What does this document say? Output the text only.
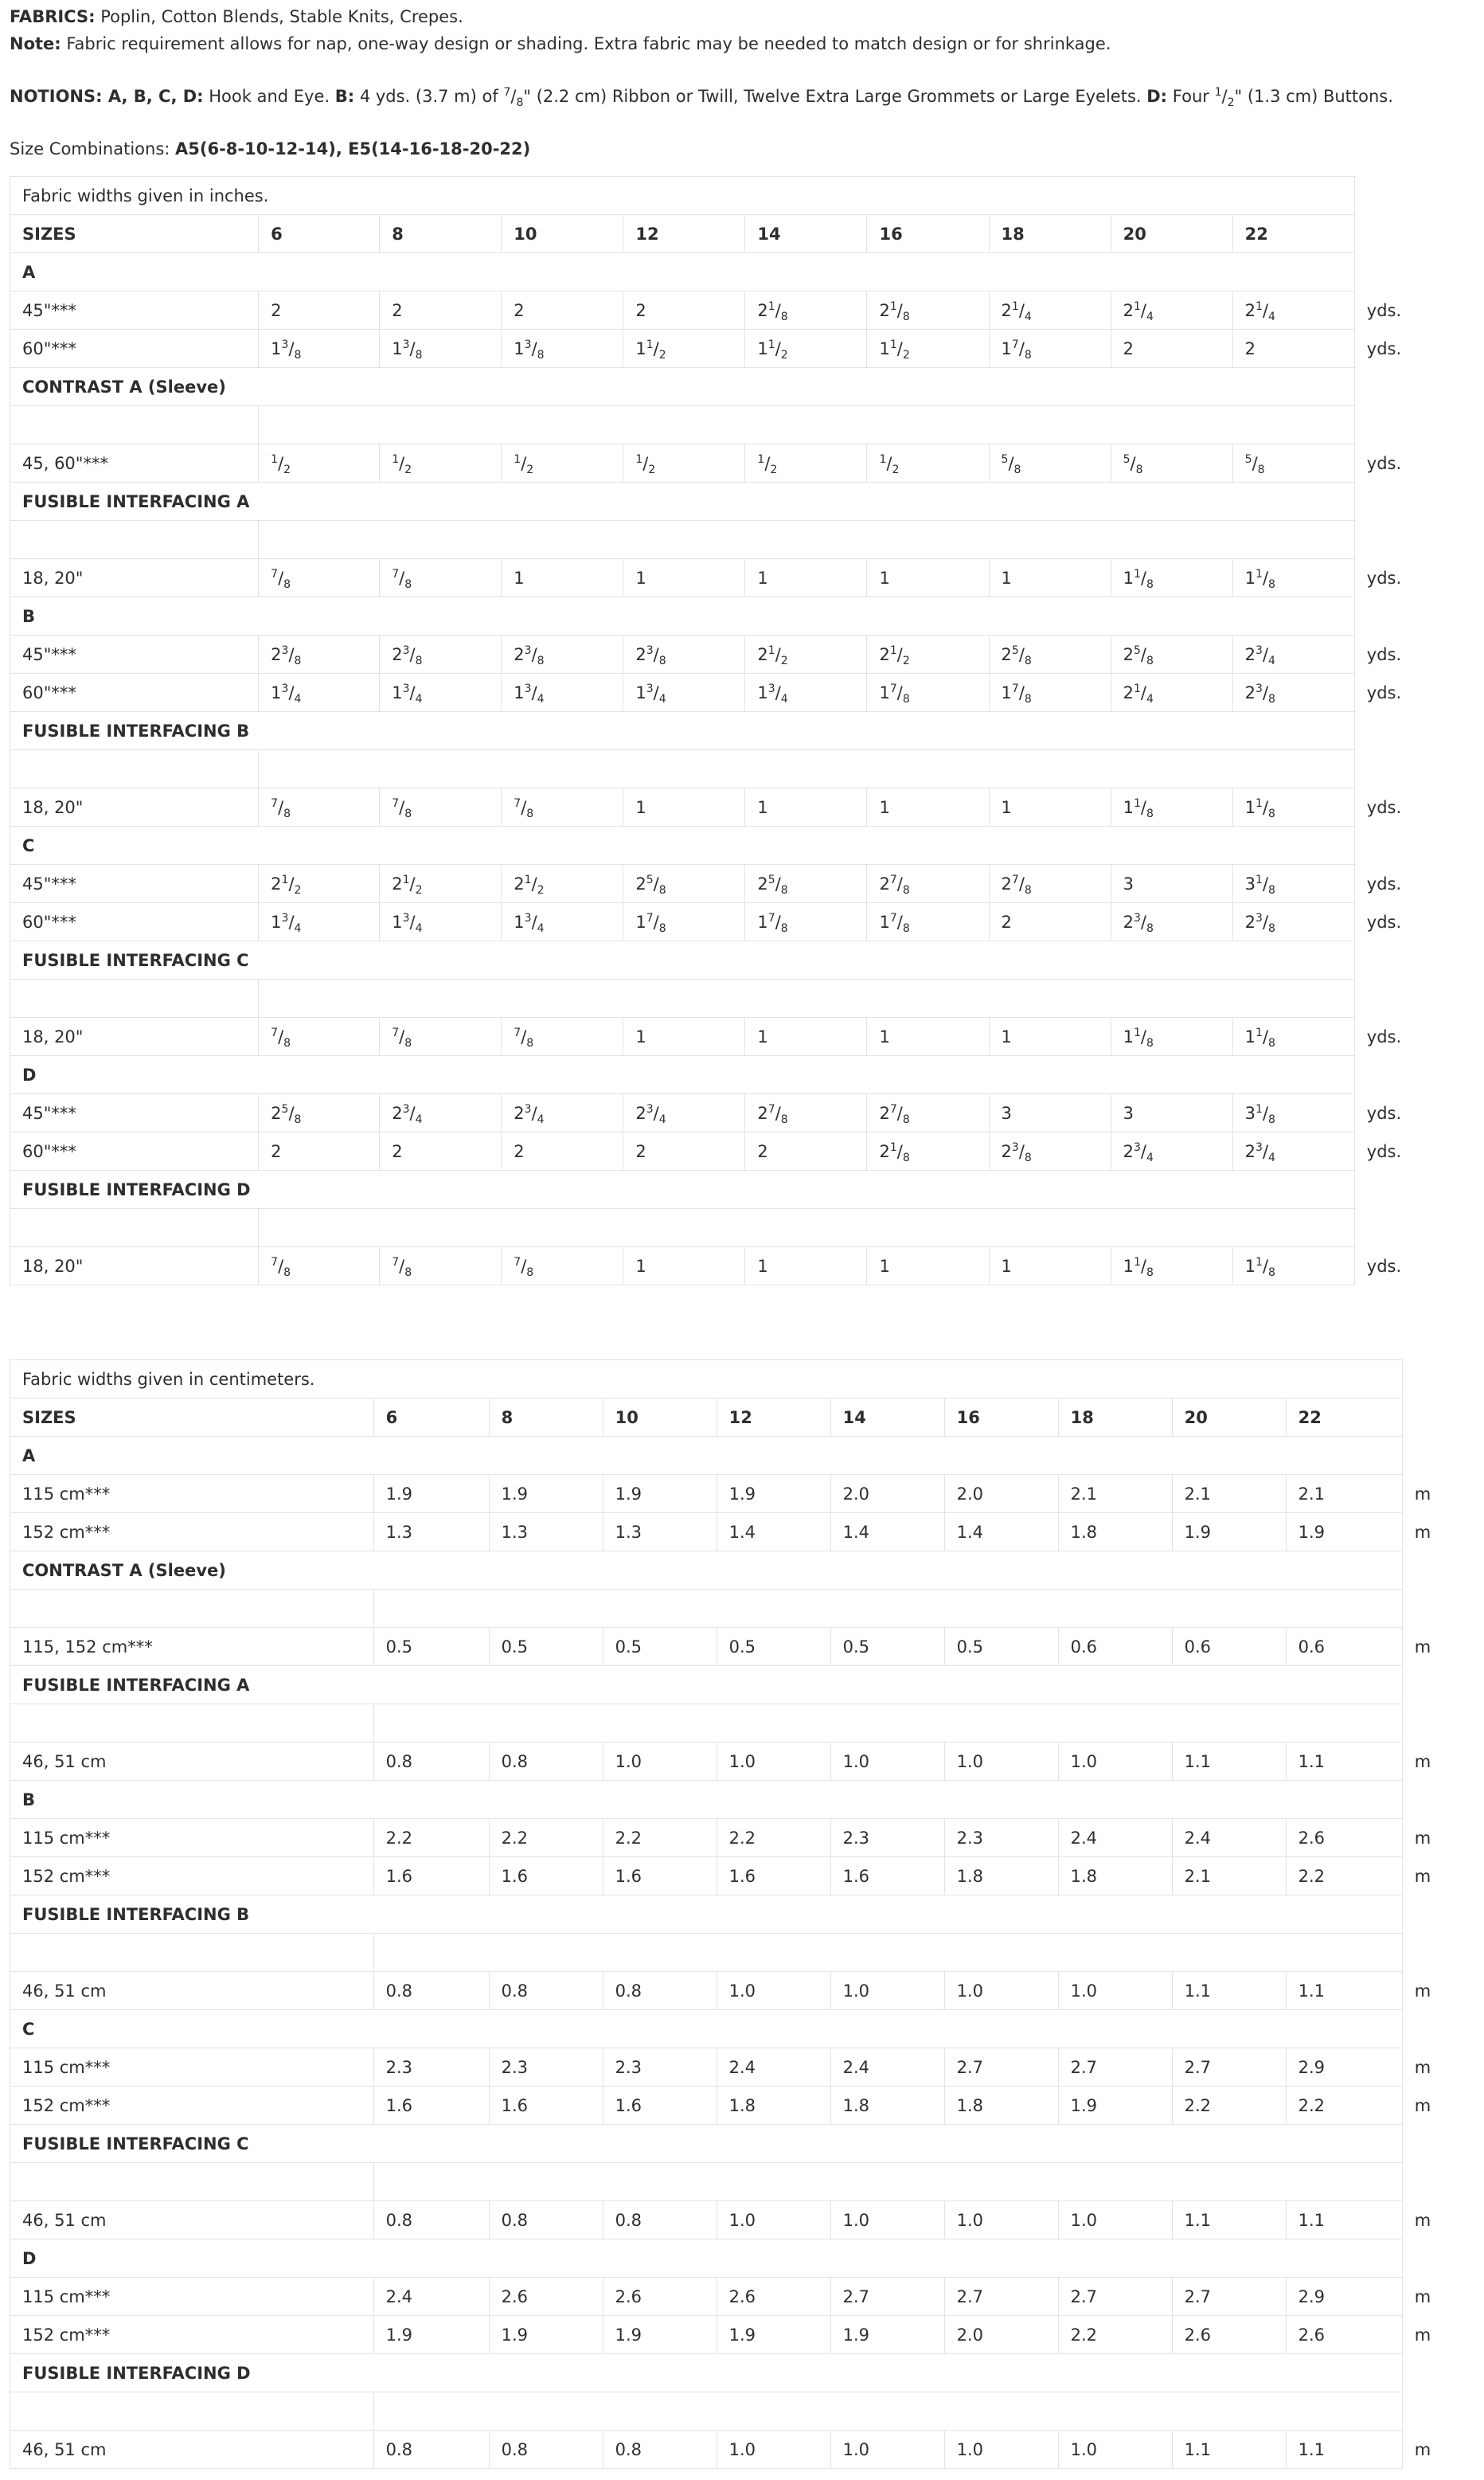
FABRICS: Poplin, Cotton Blends, Stable Knits, Crepes.
Note: Fabric requirement allows for nap, one-way design or shading. Extra fabric may be needed to match design or for shrinkage.
NOTIONS: A, B, C, D: Hook and Eye. B: 4 yds. (3.7 m) of $^7/_8$" (2.2 cm) Ribbon or Twill, Twelve Extra Large Grommets or Large Eyelets. D: Four $^1/_2$" (1.3 cm) Buttons.
Size Combinations: A5(6-8-10-12-14), E5(14-16-18-20-22)
Fabric widths given in inches.										
SIZES	6	8	10	12	14	16	18	20	22	
A										
45"***	2	2	2	2	$2^1/_8$	$2^1/_8$	$2^1/_4$	$2^1/_4$	$2^1/_4$	yds.
60"***	$1^3/_8$	$1^3/_8$	$1^3/_8$	$1^1/_2$	$1^1/_2$	$1^1/_2$	$1^7/_8$	2	2	yds.
CONTRAST A (Sleeve)										

45, 60"***	$^1/_2$	$^1/_2$	$^1/_2$	$^1/_2$	$^1/_2$	$^1/_2$	$^5/_8$	$^5/_8$	$^5/_8$	yds.
FUSIBLE INTERFACING A										

18, 20"	$^7/_8$	$^7/_8$	1	1	1	1	1	$1^1/_8$	$1^1/_8$	yds.
B										
45"***	$2^3/_8$	$2^3/_8$	$2^3/_8$	$2^3/_8$	$2^1/_2$	$2^1/_2$	$2^5/_8$	$2^5/_8$	$2^3/_4$	yds.
60"***	$1^3/_4$	$1^3/_4$	$1^3/_4$	$1^3/_4$	$1^3/_4$	$1^7/_8$	$1^7/_8$	$2^1/_4$	$2^3/_8$	yds.
FUSIBLE INTERFACING B										

18, 20"	$^7/_8$	$^7/_8$	$^7/_8$	1	1	1	1	$1^1/_8$	$1^1/_8$	yds.
C										
45"***	$2^1/_2$	$2^1/_2$	$2^1/_2$	$2^5/_8$	$2^5/_8$	$2^7/_8$	$2^7/_8$	3	$3^1/_8$	yds.
60"***	$1^3/_4$	$1^3/_4$	$1^3/_4$	$1^7/_8$	$1^7/_8$	$1^7/_8$	2	$2^3/_8$	$2^3/_8$	yds.
FUSIBLE INTERFACING C										

18, 20"	$^7/_8$	$^7/_8$	$^7/_8$	1	1	1	1	$1^1/_8$	$1^1/_8$	yds.
D										
45"***	$2^5/_8$	$2^3/_4$	$2^3/_4$	$2^3/_4$	$2^7/_8$	$2^7/_8$	3	3	$3^1/_8$	yds.
60"***	2	2	2	2	2	$2^1/_8$	$2^3/_8$	$2^3/_4$	$2^3/_4$	yds.
FUSIBLE INTERFACING D										

18, 20"	$^7/_8$	$^7/_8$	$^7/_8$	1	1	1	1	$1^1/_8$	$1^1/_8$	yds.
Fabric widths given in centimeters.										
SIZES	6	8	10	12	14	16	18	20	22	
A										
115 cm***	1.9	1.9	1.9	1.9	2.0	2.0	2.1	2.1	2.1	m
152 cm***	1.3	1.3	1.3	1.4	1.4	1.4	1.8	1.9	1.9	m
CONTRAST A (Sleeve)										

115, 152 cm***	0.5	0.5	0.5	0.5	0.5	0.5	0.6	0.6	0.6	m
FUSIBLE INTERFACING A										

46, 51 cm	0.8	0.8	1.0	1.0	1.0	1.0	1.0	1.1	1.1	m
B										
115 cm***	2.2	2.2	2.2	2.2	2.3	2.3	2.4	2.4	2.6	m
152 cm***	1.6	1.6	1.6	1.6	1.6	1.8	1.8	2.1	2.2	m
FUSIBLE INTERFACING B										

46, 51 cm	0.8	0.8	0.8	1.0	1.0	1.0	1.0	1.1	1.1	m
C										
115 cm***	2.3	2.3	2.3	2.4	2.4	2.7	2.7	2.7	2.9	m
152 cm***	1.6	1.6	1.6	1.8	1.8	1.8	1.9	2.2	2.2	m
FUSIBLE INTERFACING C										

46, 51 cm	0.8	0.8	0.8	1.0	1.0	1.0	1.0	1.1	1.1	m
D										
115 cm***	2.4	2.6	2.6	2.6	2.7	2.7	2.7	2.7	2.9	m
152 cm***	1.9	1.9	1.9	1.9	1.9	2.0	2.2	2.6	2.6	m
FUSIBLE INTERFACING D										

46, 51 cm	0.8	0.8	0.8	1.0	1.0	1.0	1.0	1.1	1.1	m
